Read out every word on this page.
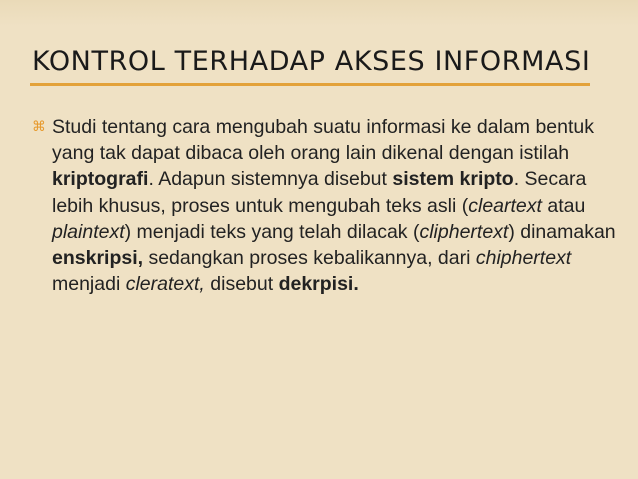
KONTROL TERHADAP AKSES INFORMASI
⌘ Studi tentang cara mengubah suatu informasi ke dalam bentuk yang tak dapat dibaca oleh orang lain dikenal dengan istilah kriptografi. Adapun sistemnya disebut sistem kripto. Secara lebih khusus, proses untuk mengubah teks asli (cleartext atau plaintext) menjadi teks yang telah dilacak (cliphertext) dinamakan enskripsi, sedangkan proses kebalikannya, dari chiphertext menjadi cleratext, disebut dekrpisi.
